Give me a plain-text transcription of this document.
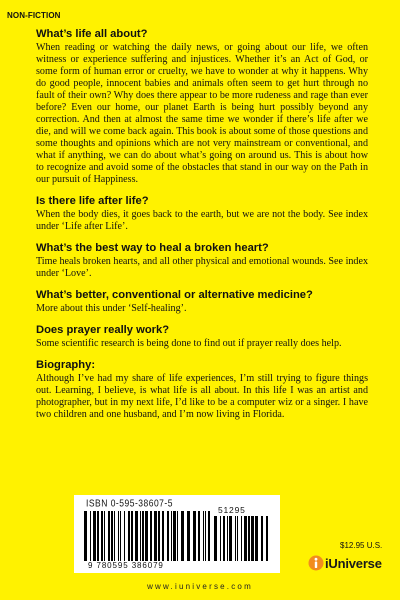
NON-FICTION

What’s life all about?

When reading or watching the daily news, or going about our life, we often witness or experience suffering and injustices. Whether it’s an Act of God, or some form of human error or cruelty, we have to wonder at why it happens. Why do good people, innocent babies and animals often seem to get hurt through no fault of their own? Why does there appear to be more rudeness and rage than ever before? Even our home, our planet Earth is being hurt possibly beyond any correction. And then at almost the same time we wonder if there’s life after we die, and will we come back again. This book is about some of those questions and some thoughts and opinions which are not very mainstream or conventional, and what if anything, we can do about what’s going on around us. This is about how to recognize and avoid some of the obstacles that stand in our way on the Path in our pursuit of Happiness.

Is there life after life?

When the body dies, it goes back to the earth, but we are not the body. See index under ‘Life after Life’.

What’s the best way to heal a broken heart?

Time heals broken hearts, and all other physical and emotional wounds. See index under ‘Love’.

What’s better, conventional or alternative medicine?

More about this under ‘Self-healing’.

Does prayer really work?

Some scientific research is being done to find out if prayer really does help.

Biography:

Although I’ve had my share of life experiences, I’m still trying to figure things out. Learning, I believe, is what life is all about. In this life I was an artist and photographer, but in my next life, I’d like to be a computer wiz or a singer. I have two children and one husband, and I’m now living in Florida.

ISBN 0-595-38607-5
51295
9 780595 386079
$12.95 U.S.
iUniverse
www.iuniverse.com
